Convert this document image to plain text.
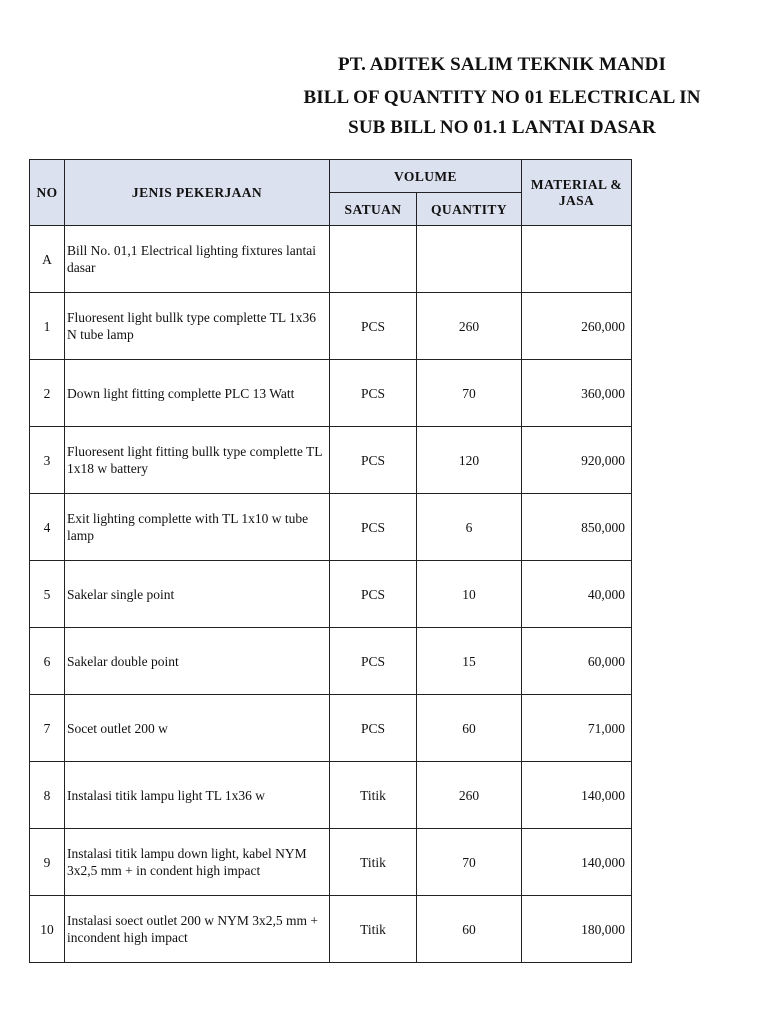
PT. ADITEK SALIM TEKNIK MANDI
BILL OF QUANTITY NO 01 ELECTRICAL IN
SUB BILL NO 01.1 LANTAI DASAR
NO	JENIS PEKERJAAN	VOLUME		MATERIAL & JASA
		SATUAN	QUANTITY	
A	Bill No. 01,1 Electrical lighting fixtures lantai dasar			
1	Fluoresent light bullk type complette TL 1x36 N tube lamp	PCS	260	260,000
2	Down light fitting complette PLC 13 Watt	PCS	70	360,000
3	Fluoresent light fitting bullk type complette TL 1x18 w battery	PCS	120	920,000
4	Exit lighting complette with TL 1x10 w tube lamp	PCS	6	850,000
5	Sakelar single point	PCS	10	40,000
6	Sakelar double point	PCS	15	60,000
7	Socet outlet 200 w	PCS	60	71,000
8	Instalasi titik lampu light TL 1x36 w	Titik	260	140,000
9	Instalasi titik lampu down light, kabel NYM 3x2,5 mm + in condent high impact	Titik	70	140,000
10	Instalasi soect outlet 200 w NYM 3x2,5 mm + incondent high impact	Titik	60	180,000
